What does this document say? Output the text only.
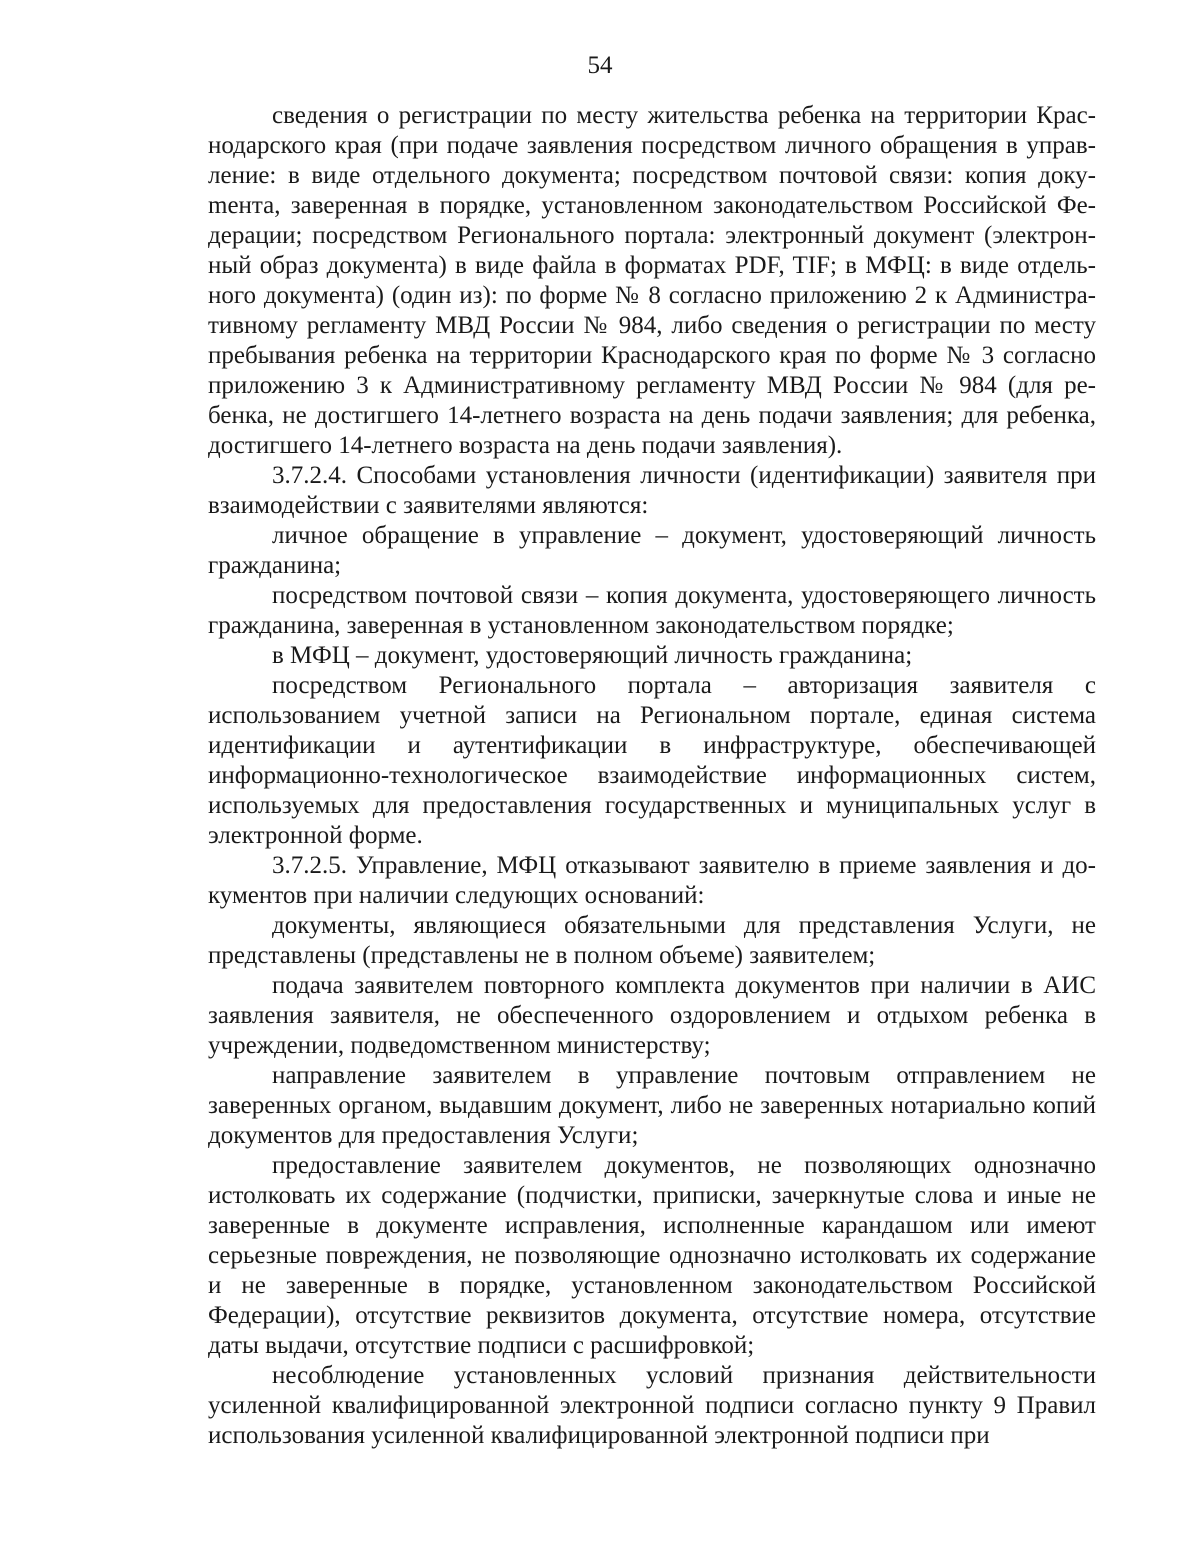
54

сведения о регистрации по месту жительства ребенка на территории Краснодарского края (при подаче заявления посредством личного обращения в управление: в виде отдельного документа; посредством почтовой связи: копия докуmента, заверенная в порядке, установленном законодательством Российской Федерации; посредством Регионального портала: электронный документ (электронный образ документа) в виде файла в форматах PDF, TIF; в МФЦ: в виде отдельного документа) (один из): по форме № 8 согласно приложению 2 к Административному регламенту МВД России № 984, либо сведения о регистрации по месту пребывания ребенка на территории Краснодарского края по форме № 3 согласно приложению 3 к Административному регламенту МВД России № 984 (для ребенка, не достигшего 14-летнего возраста на день подачи заявления; для ребенка, достигшего 14-летнего возраста на день подачи заявления).

3.7.2.4. Способами установления личности (идентификации) заявителя при взаимодействии с заявителями являются:

личное обращение в управление – документ, удостоверяющий личность гражданина;

посредством почтовой связи – копия документа, удостоверяющего личность гражданина, заверенная в установленном законодательством порядке;

в МФЦ – документ, удостоверяющий личность гражданина;

посредством Регионального портала – авторизация заявителя с использованием учетной записи на Региональном портале, единая система идентификации и аутентификации в инфраструктуре, обеспечивающей информационно-технологическое взаимодействие информационных систем, используемых для предоставления государственных и муниципальных услуг в электронной форме.

3.7.2.5. Управление, МФЦ отказывают заявителю в приеме заявления и документов при наличии следующих оснований:

документы, являющиеся обязательными для представления Услуги, не представлены (представлены не в полном объеме) заявителем;

подача заявителем повторного комплекта документов при наличии в АИС заявления заявителя, не обеспеченного оздоровлением и отдыхом ребенка в учреждении, подведомственном министерству;

направление заявителем в управление почтовым отправлением не заверенных органом, выдавшим документ, либо не заверенных нотариально копий документов для предоставления Услуги;

предоставление заявителем документов, не позволяющих однозначно истолковать их содержание (подчистки, приписки, зачеркнутые слова и иные не заверенные в документе исправления, исполненные карандашом или имеют серьезные повреждения, не позволяющие однозначно истолковать их содержание и не заверенные в порядке, установленном законодательством Российской Федерации), отсутствие реквизитов документа, отсутствие номера, отсутствие даты выдачи, отсутствие подписи с расшифровкой;

несоблюдение установленных условий признания действительности усиленной квалифицированной электронной подписи согласно пункту 9 Правил использования усиленной квалифицированной электронной подписи при
